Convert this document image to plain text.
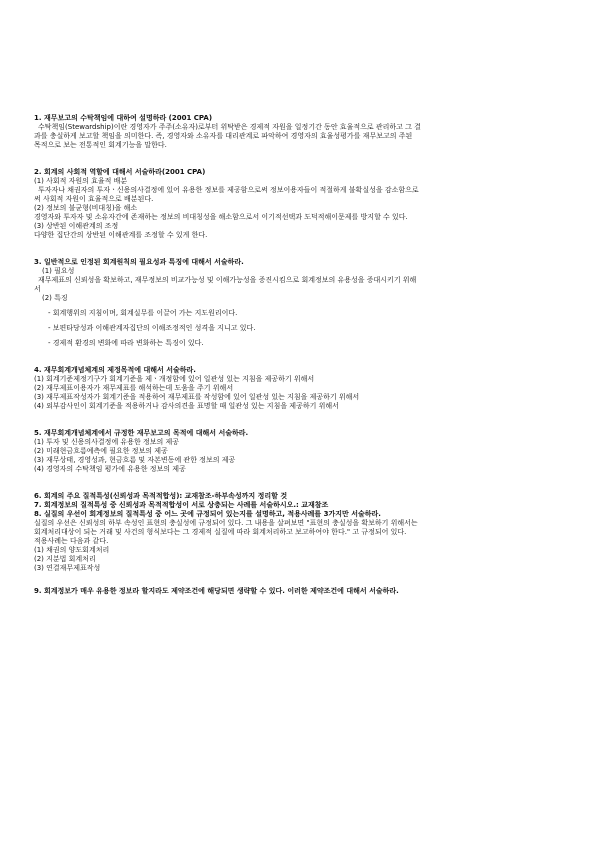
1. 재무보고의 수탁책임에 대하여 설명하라 (2001 CPA)
수탁책임(Stewardship)이란 경영자가 주주(소유자)로부터 위탁받은 경제적 자원을 일정기간 동안 효율적으로 관리하고 그 결
과를 충실하게 보고할 책임을 의미한다. 즉, 경영자와 소유자를 대리관계로 파악하여 경영자의 효율성평가를 재무보고의 주된
목적으로 보는 전통적인 회계기능을 말한다.
2. 회계의 사회적 역할에 대해서 서술하라(2001 CPA)
(1) 사회적 자원의 효율적 배분
투자자나 채권자의 투자ㆍ신용의사결정에 있어 유용한 정보를 제공함으로써 정보이용자들이 적절하게 불확실성을 감소함으로
써 사회적 자원이 효율적으로 배분된다.
(2) 정보의 불균형(비대칭)을 해소
경영자와 투자자 및 소유자간에 존재하는 정보의 비대칭성을 해소함으로서 이기적선택과 도덕적해이문제를 방지할 수 있다.
(3) 상반된 이해관계의 조정
다양한 집단간의 상반된 이해관계를 조정할 수 있게 한다.
3. 일반적으로 인정된 회계원칙의 필요성과 특징에 대해서 서술하라.
(1) 필요성
재무제표의 신뢰성을 확보하고, 재무정보의 비교가능성 및 이해가능성을 증진시킴으로 회계정보의 유용성을 증대시키기 위해
서
(2) 특징
- 회계행위의 지침이며, 회계실무를 이끌어 가는 지도원리이다.
- 보편타당성과 이해관계자집단의 이해조정적인 성격을 지니고 있다.
- 경제적 환경의 변화에 따라 변화하는 특징이 있다.
4. 재무회계개념체계의 제정목적에 대해서 서술하라.
(1) 회계기준제정기구가 회계기준을 제ㆍ개정함에 있어 일관성 있는 지침을 제공하기 위해서
(2) 재무제표이용자가 재무제표를 해석하는데 도움을 주기 위해서
(3) 재무제표작성자가 회계기준을 적용하여 재무제표를 작성함에 있어 일관성 있는 지침을 제공하기 위해서
(4) 외부감사인이 회계기준을 적용하거나 감사의견을 표명할 때 일관성 있는 지침을 제공하기 위해서
5. 재무회계개념체계에서 규정한 재무보고의 목적에 대해서 서술하라.
(1) 투자 및 신용의사결정에 유용한 정보의 제공
(2) 미래현금흐름예측에 필요한 정보의 제공
(3) 재무상태, 경영성과, 현금흐름 및 자본변동에 관한 정보의 제공
(4) 경영자의 수탁책임 평가에 유용한 정보의 제공
6. 회계의 주요 질적특성(신뢰성과 목적적합성): 교재참조-하부속성까지 정리할 것
7. 회계정보의 질적특성 중 신뢰성과 목적적합성이 서로 상충되는 사례를 서술하시오.: 교재참조
8. 실질의 우선이 회계정보의 질적특성 중 어느 곳에 규정되어 있는지를 설명하고, 적용사례를 3가지만 서술하라.
실질의 우선은 신뢰성의 하부 속성인 표현의 충실성에 규정되어 있다. 그 내용을 살펴보면 "표현의 충실성을 확보하기 위해서는
회계처리대상이 되는 거래 및 사건의 형식보다는 그 경제적 실질에 따라 회계처리하고 보고하여야 한다." 고 규정되어 있다.
적용사례는 다음과 같다.
(1) 채권의 양도회계처리
(2) 지분법 회계처리
(3) 연결재무제표작성
9. 회계정보가 매우 유용한 정보라 할지라도 제약조건에 해당되면 생략할 수 있다. 이러한 제약조건에 대해서 서술하라.
